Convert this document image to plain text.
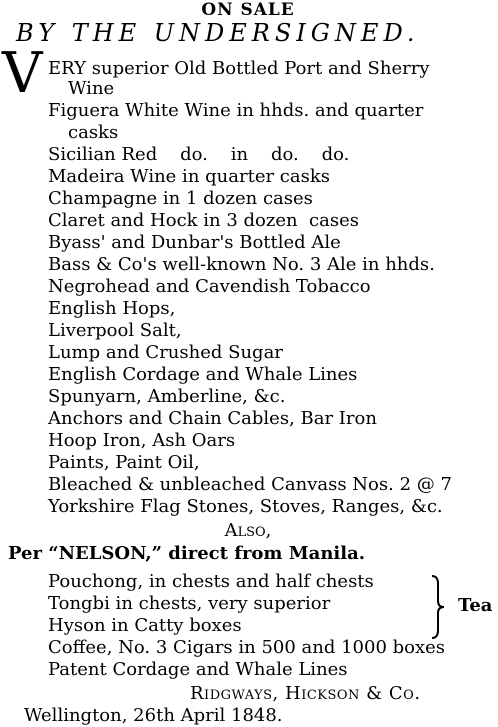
ON SALE
BY THE UNDERSIGNED.
V ERY superior Old Bottled Port and Sherry
Wine
Figuera White Wine in hhds. and quarter
casks
Sicilian Red    do.    in    do.    do.
Madeira Wine in quarter casks
Champagne in 1 dozen cases
Claret and Hock in 3 dozen  cases
Byass' and Dunbar's Bottled Ale
Bass & Co's well-known No. 3 Ale in hhds.
Negrohead and Cavendish Tobacco
English Hops,
Liverpool Salt,
Lump and Crushed Sugar
English Cordage and Whale Lines
Spunyarn, Amberline, &c.
Anchors and Chain Cables, Bar Iron
Hoop Iron, Ash Oars
Paints, Paint Oil,
Bleached & unbleached Canvass Nos. 2 @ 7
Yorkshire Flag Stones, Stoves, Ranges, &c.
Also,
Per “NELSON,” direct from Manila.
Pouchong, in chests and half chests
Tongbi in chests, very superior
Hyson in Catty boxes
Tea
Coffee, No. 3 Cigars in 500 and 1000 boxes
Patent Cordage and Whale Lines
Ridgways, Hickson & Co.
Wellington, 26th April 1848.
